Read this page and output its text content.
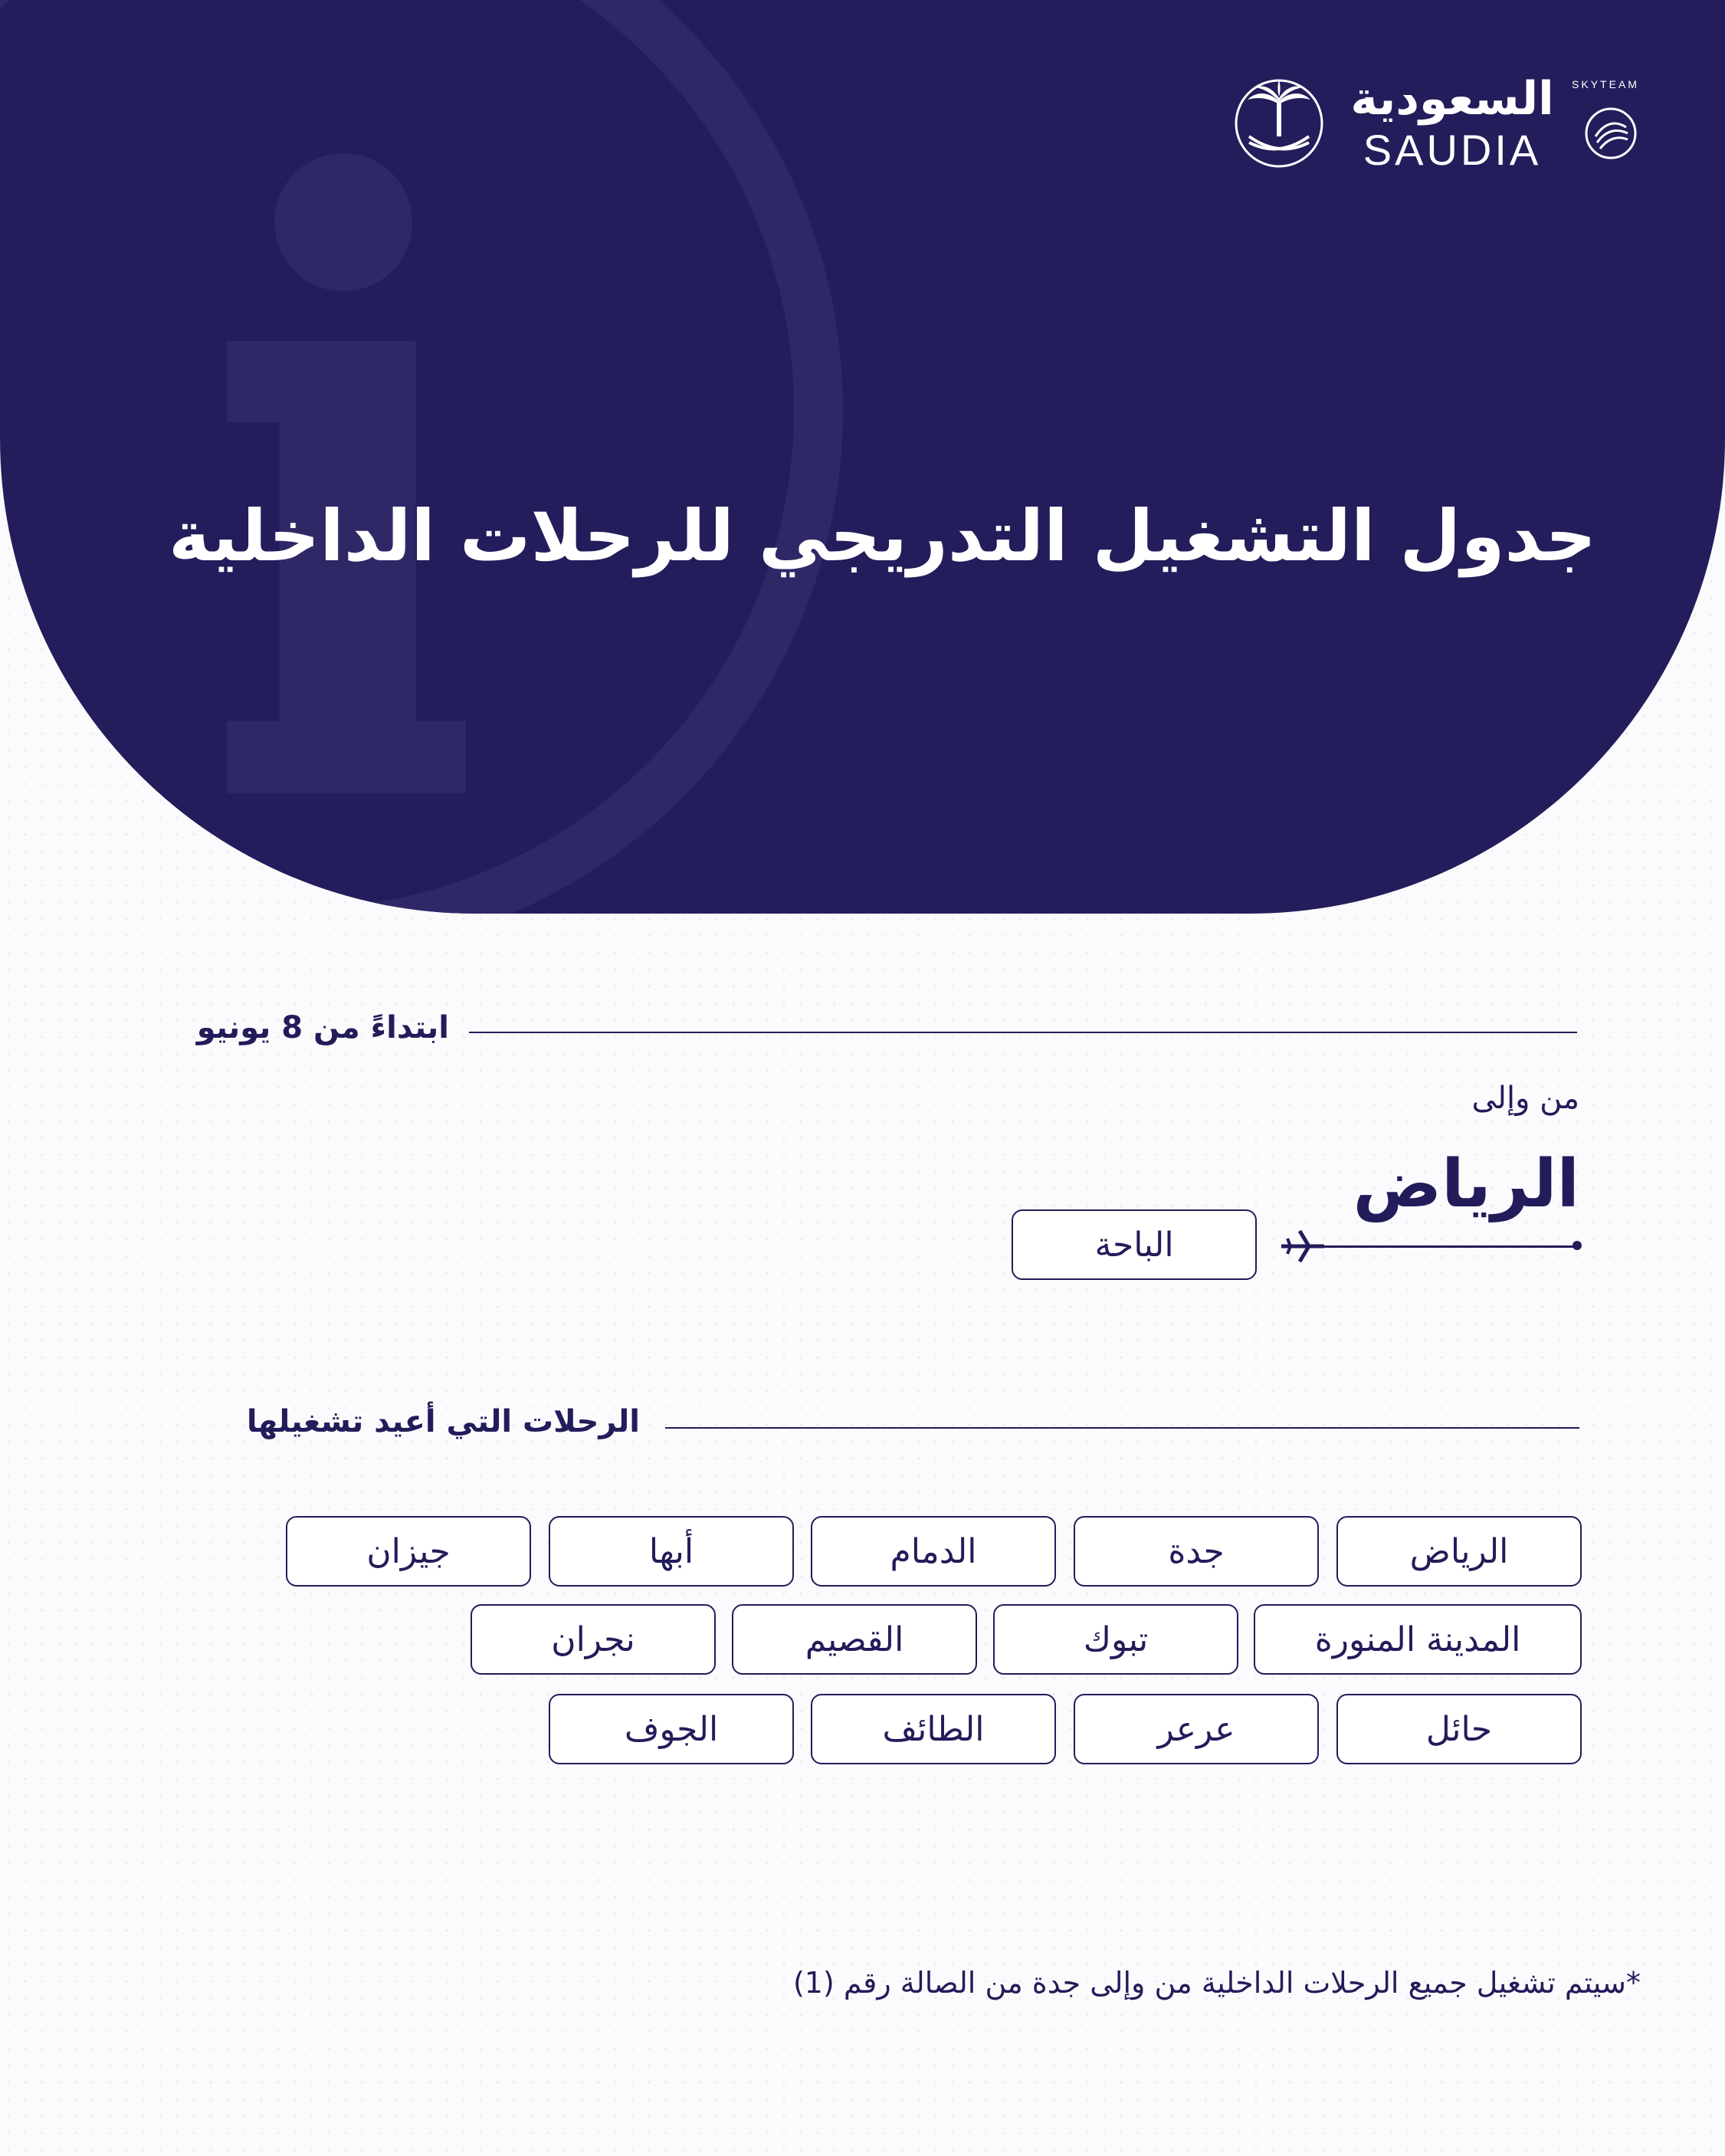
السعودية
SAUDIA
SKYTEAM
جدول التشغيل التدريجي للرحلات الداخلية
ابتداءً من 8 يونيو
من وإلى
الرياض
الباحة
الرحلات التي أعيد تشغيلها
الرياض
جدة
الدمام
أبها
جيزان
المدينة المنورة
تبوك
القصيم
نجران
حائل
عرعر
الطائف
الجوف
*سيتم تشغيل جميع الرحلات الداخلية من وإلى جدة من الصالة رقم (1)
